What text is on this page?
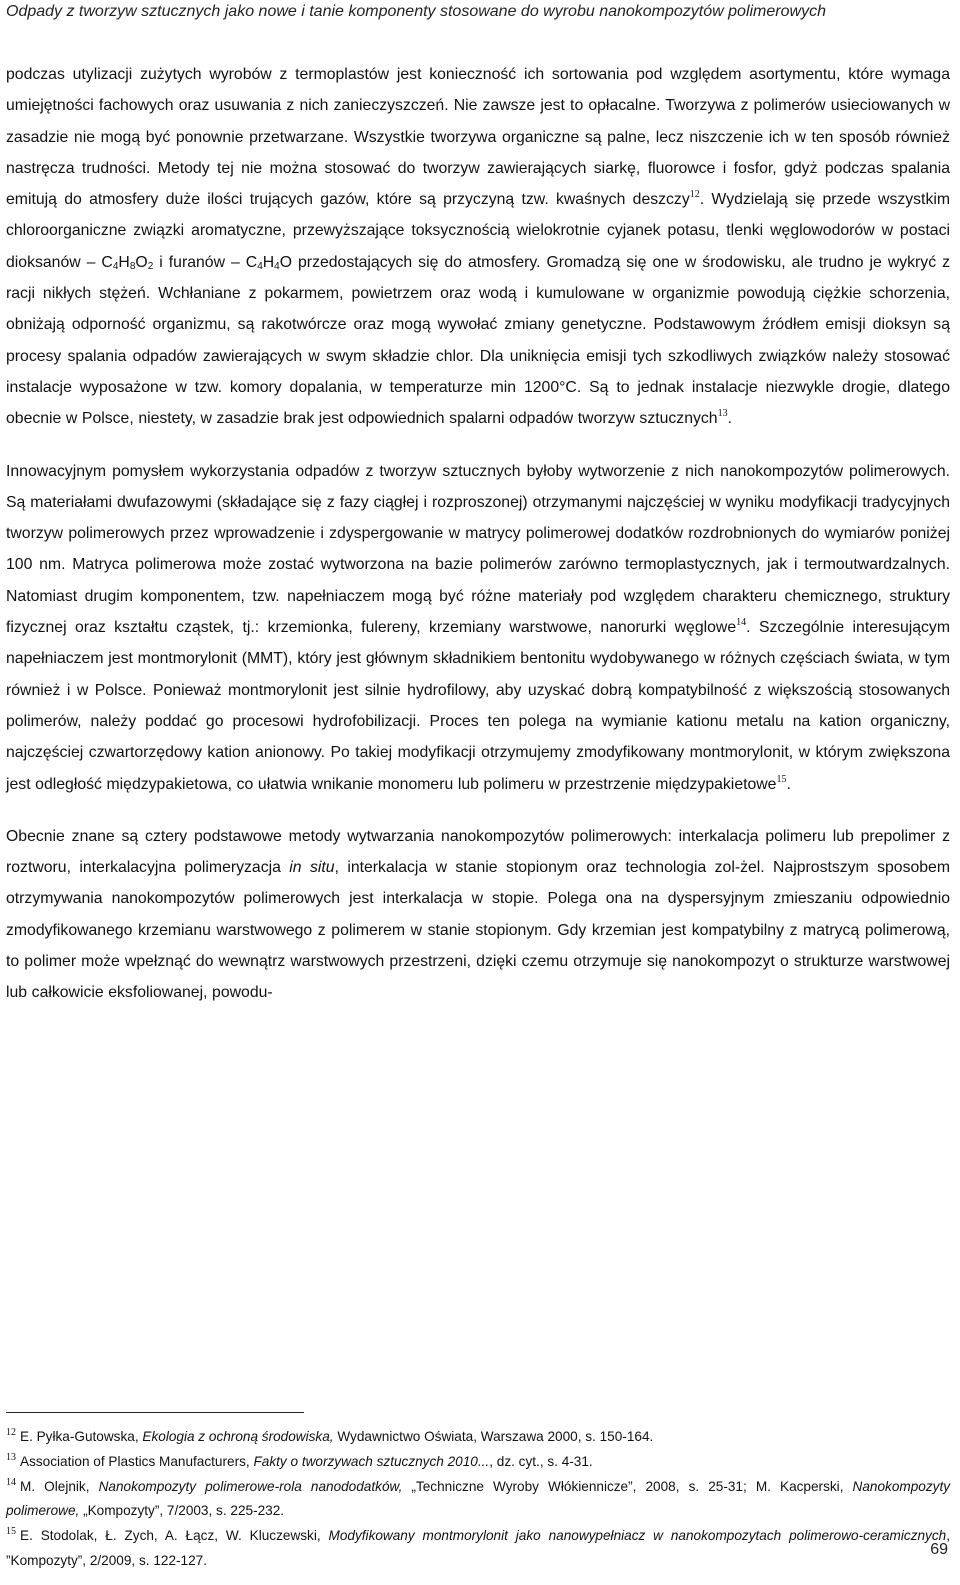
Odpady z tworzyw sztucznych jako nowe i tanie komponenty stosowane do wyrobu nanokompozytów polimerowych

podczas utylizacji zużytych wyrobów z termoplastów jest konieczność ich sortowania pod względem asortymentu, które wymaga umiejętności fachowych oraz usuwania z nich zanieczyszczeń. Nie zawsze jest to opłacalne. Tworzywa z polimerów usieciowanych w zasadzie nie mogą być ponownie przetwarzane. Wszystkie tworzywa organiczne są palne, lecz niszczenie ich w ten sposób również nastręcza trudności. Metody tej nie można stosować do tworzyw zawierających siarkę, fluorowce i fosfor, gdyż podczas spalania emitują do atmosfery duże ilości trujących gazów, które są przyczyną tzw. kwaśnych deszczy$^{12}$. Wydzielają się przede wszystkim chloroorganiczne związki aromatyczne, przewyższające toksycznością wielokrotnie cyjanek potasu, tlenki węglowodorów w postaci dioksanów – $C_4H_8O_2$ i furanów – $C_4H_4O$ przedostających się do atmosfery. Gromadzą się one w środowisku, ale trudno je wykryć z racji nikłych stężeń. Wchłaniane z pokarmem, powietrzem oraz wodą i kumulowane w organizmie powodują ciężkie schorzenia, obniżają odporność organizmu, są rakotwórcze oraz mogą wywołać zmiany genetyczne. Podstawowym źródłem emisji dioksyn są procesy spalania odpadów zawierających w swym składzie chlor. Dla uniknięcia emisji tych szkodliwych związków należy stosować instalacje wyposażone w tzw. komory dopalania, w temperaturze min 1200°C. Są to jednak instalacje niezwykle drogie, dlatego obecnie w Polsce, niestety, w zasadzie brak jest odpowiednich spalarni odpadów tworzyw sztucznych$^{13}$.

Innowacyjnym pomysłem wykorzystania odpadów z tworzyw sztucznych byłoby wytworzenie z nich nanokompozytów polimerowych. Są materiałami dwufazowymi (składające się z fazy ciągłej i rozproszonej) otrzymanymi najczęściej w wyniku modyfikacji tradycyjnych tworzyw polimerowych przez wprowadzenie i zdyspergowanie w matrycy polimerowej dodatków rozdrobnionych do wymiarów poniżej 100 nm. Matryca polimerowa może zostać wytworzona na bazie polimerów zarówno termoplastycznych, jak i termoutwardzalnych. Natomiast drugim komponentem, tzw. napełniaczem mogą być różne materiały pod względem charakteru chemicznego, struktury fizycznej oraz kształtu cząstek, tj.: krzemionka, fulereny, krzemiany warstwowe, nanorurki węglowe$^{14}$. Szczególnie interesującym napełniaczem jest montmorylonit (MMT), który jest głównym składnikiem bentonitu wydobywanego w różnych częściach świata, w tym również i w Polsce. Ponieważ montmorylonit jest silnie hydrofilowy, aby uzyskać dobrą kompatybilność z większością stosowanych polimerów, należy poddać go procesowi hydrofobilizacji. Proces ten polega na wymianie kationu metalu na kation organiczny, najczęściej czwartorzędowy kation anionowy. Po takiej modyfikacji otrzymujemy zmodyfikowany montmorylonit, w którym zwiększona jest odległość międzypakietowa, co ułatwia wnikanie monomeru lub polimeru w przestrzenie międzypakietowe$^{15}$.

Obecnie znane są cztery podstawowe metody wytwarzania nanokompozytów polimerowych: interkalacja polimeru lub prepolimer z roztworu, interkalacyjna polimeryzacja in situ, interkalacja w stanie stopionym oraz technologia zol-żel. Najprostszym sposobem otrzymywania nanokompozytów polimerowych jest interkalacja w stopie. Polega ona na dyspersyjnym zmieszaniu odpowiednio zmodyfikowanego krzemianu warstwowego z polimerem w stanie stopionym. Gdy krzemian jest kompatybilny z matrycą polimerową, to polimer może wpełznąć do wewnątrz warstwowych przestrzeni, dzięki czemu otrzymuje się nanokompozyt o strukturze warstwowej lub całkowicie eksfoliowanej, powodu-

$^{12}$ E. Pyłka-Gutowska, Ekologia z ochroną środowiska, Wydawnictwo Oświata, Warszawa 2000, s. 150-164.
$^{13}$ Association of Plastics Manufacturers, Fakty o tworzywach sztucznych 2010..., dz. cyt., s. 4-31.
$^{14}$ M. Olejnik, Nanokompozyty polimerowe-rola nanododatków, „Techniczne Wyroby Włókiennicze”, 2008, s. 25-31; M. Kacperski, Nanokompozyty polimerowe, „Kompozyty”, 7/2003, s. 225-232.
$^{15}$ E. Stodolak, Ł. Zych, A. Łącz, W. Kluczewski, Modyfikowany montmorylonit jako nanowypełniacz w nanokompozytach polimerowo-ceramicznych, ”Kompozyty”, 2/2009, s. 122-127.
69
